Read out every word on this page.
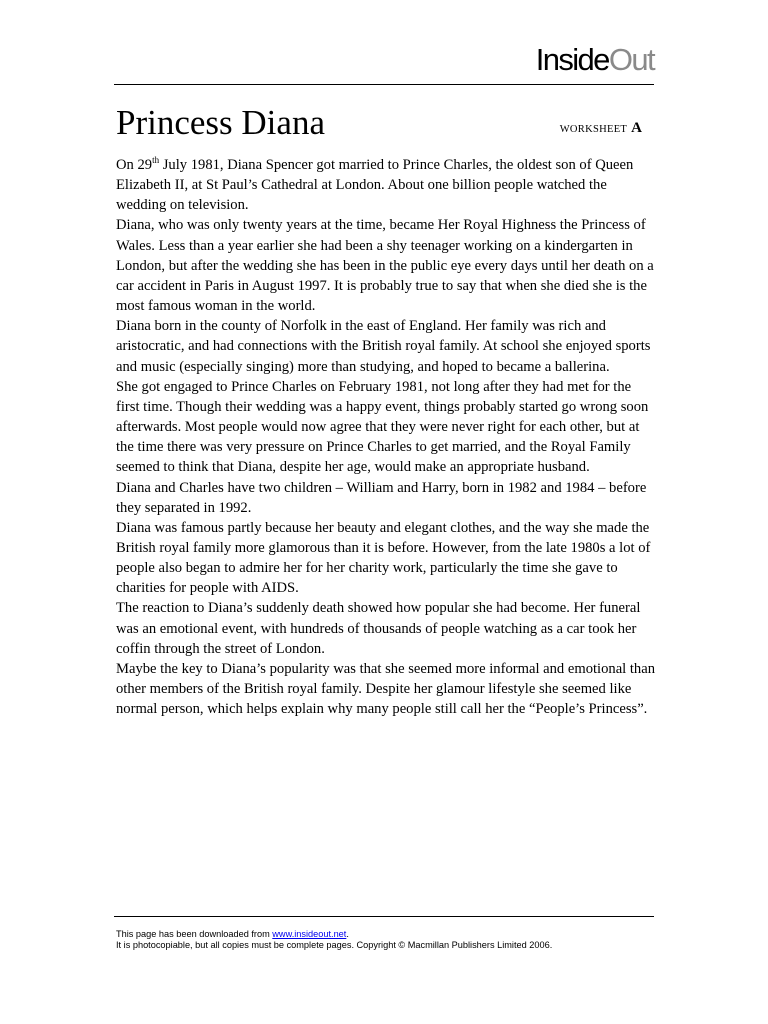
InsideOut
Princess Diana	WORKSHEET A

On 29th July 1981, Diana Spencer got married to Prince Charles, the oldest son of Queen Elizabeth II, at St Paul’s Cathedral at London. About one billion people watched the wedding on television.

Diana, who was only twenty years at the time, became Her Royal Highness the Princess of Wales. Less than a year earlier she had been a shy teenager working on a kindergarten in London, but after the wedding she has been in the public eye every days until her death on a car accident in Paris in August 1997. It is probably true to say that when she died she is the most famous woman in the world.

Diana born in the county of Norfolk in the east of England. Her family was rich and aristocratic, and had connections with the British royal family. At school she enjoyed sports and music (especially singing) more than studying, and hoped to became a ballerina.

She got engaged to Prince Charles on February 1981, not long after they had met for the first time. Though their wedding was a happy event, things probably started go wrong soon afterwards. Most people would now agree that they were never right for each other, but at the time there was very pressure on Prince Charles to get married, and the Royal Family seemed to think that Diana, despite her age, would make an appropriate husband.

Diana and Charles have two children – William and Harry, born in 1982 and 1984 – before they separated in 1992.

Diana was famous partly because her beauty and elegant clothes, and the way she made the British royal family more glamorous than it is before. However, from the late 1980s a lot of people also began to admire her for her charity work, particularly the time she gave to charities for people with AIDS.

The reaction to Diana’s suddenly death showed how popular she had become. Her funeral was an emotional event, with hundreds of thousands of people watching as a car took her coffin through the street of London.

Maybe the key to Diana’s popularity was that she seemed more informal and emotional than other members of the British royal family. Despite her glamour lifestyle she seemed like normal person, which helps explain why many people still call her the “People’s Princess”.

This page has been downloaded from www.insideout.net.

It is photocopiable, but all copies must be complete pages. Copyright © Macmillan Publishers Limited 2006.
